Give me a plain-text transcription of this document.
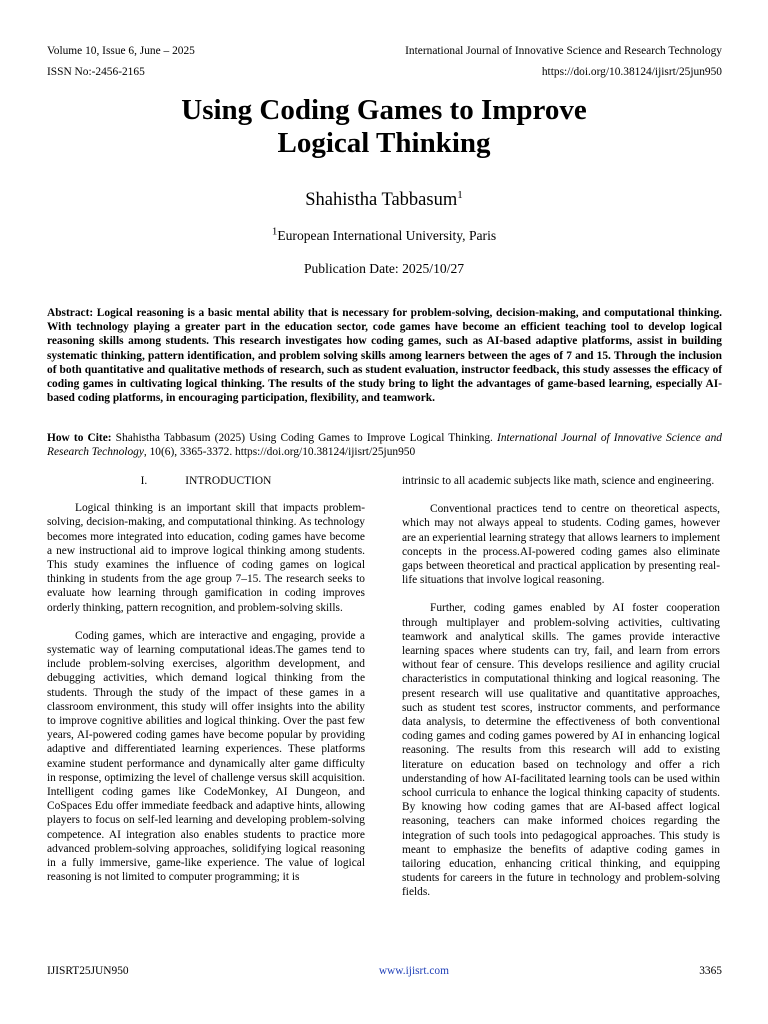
Volume 10, Issue 6, June – 2025	International Journal of Innovative Science and Research Technology
ISSN No:-2456-2165	https://doi.org/10.38124/ijisrt/25jun950
Using Coding Games to Improve
Logical Thinking
Shahistha Tabbasum$^1$
$^1$European International University, Paris
Publication Date: 2025/10/27
Abstract: Logical reasoning is a basic mental ability that is necessary for problem-solving, decision-making, and computational thinking. With technology playing a greater part in the education sector, code games have become an efficient teaching tool to develop logical reasoning skills among students. This research investigates how coding games, such as AI-based adaptive platforms, assist in building systematic thinking, pattern identification, and problem solving skills among learners between the ages of 7 and 15. Through the inclusion of both quantitative and qualitative methods of research, such as student evaluation, instructor feedback, this study assesses the efficacy of coding games in cultivating logical thinking. The results of the study bring to light the advantages of game-based learning, especially AI-based coding platforms, in encouraging participation, flexibility, and teamwork.
How to Cite: Shahistha Tabbasum (2025) Using Coding Games to Improve Logical Thinking. International Journal of Innovative Science and Research Technology, 10(6), 3365-3372. https://doi.org/10.38124/ijisrt/25jun950
I.	INTRODUCTION

Logical thinking is an important skill that impacts problem-solving, decision-making, and computational thinking. As technology becomes more integrated into education, coding games have become a new instructional aid to improve logical thinking among students. This study examines the influence of coding games on logical thinking in students from the age group 7–15. The research seeks to evaluate how learning through gamification in coding improves orderly thinking, pattern recognition, and problem-solving skills.

Coding games, which are interactive and engaging, provide a systematic way of learning computational ideas.The games tend to include problem-solving exercises, algorithm development, and debugging activities, which demand logical thinking from the students. Through the study of the impact of these games in a classroom environment, this study will offer insights into the ability to improve cognitive abilities and logical thinking. Over the past few years, AI-powered coding games have become popular by providing adaptive and differentiated learning experiences. These platforms examine student performance and dynamically alter game difficulty in response, optimizing the level of challenge versus skill acquisition. Intelligent coding games like CodeMonkey, AI Dungeon, and CoSpaces Edu offer immediate feedback and adaptive hints, allowing players to focus on self-led learning and developing problem-solving competence. AI integration also enables students to practice more advanced problem-solving approaches, solidifying logical reasoning in a fully immersive, game-like experience. The value of logical reasoning is not limited to computer programming; it is

intrinsic to all academic subjects like math, science and engineering.

Conventional practices tend to centre on theoretical aspects, which may not always appeal to students. Coding games, however are an experiential learning strategy that allows learners to implement concepts in the process.AI-powered coding games also eliminate gaps between theoretical and practical application by presenting real- life situations that involve logical reasoning.

Further, coding games enabled by AI foster cooperation through multiplayer and problem-solving activities, cultivating teamwork and analytical skills. The games provide interactive learning spaces where students can try, fail, and learn from errors without fear of censure. This develops resilience and agility crucial characteristics in computational thinking and logical reasoning. The present research will use qualitative and quantitative approaches, such as student test scores, instructor comments, and performance data analysis, to determine the effectiveness of both conventional coding games and coding games powered by AI in enhancing logical reasoning. The results from this research will add to existing literature on education based on technology and offer a rich understanding of how AI-facilitated learning tools can be used within school curricula to enhance the logical thinking capacity of students. By knowing how coding games that are AI-based affect logical reasoning, teachers can make informed choices regarding the integration of such tools into pedagogical approaches. This study is meant to emphasize the benefits of adaptive coding games in tailoring education, enhancing critical thinking, and equipping students for careers in the future in technology and problem-solving fields.

IJISRT25JUN950	www.ijisrt.com	3365
